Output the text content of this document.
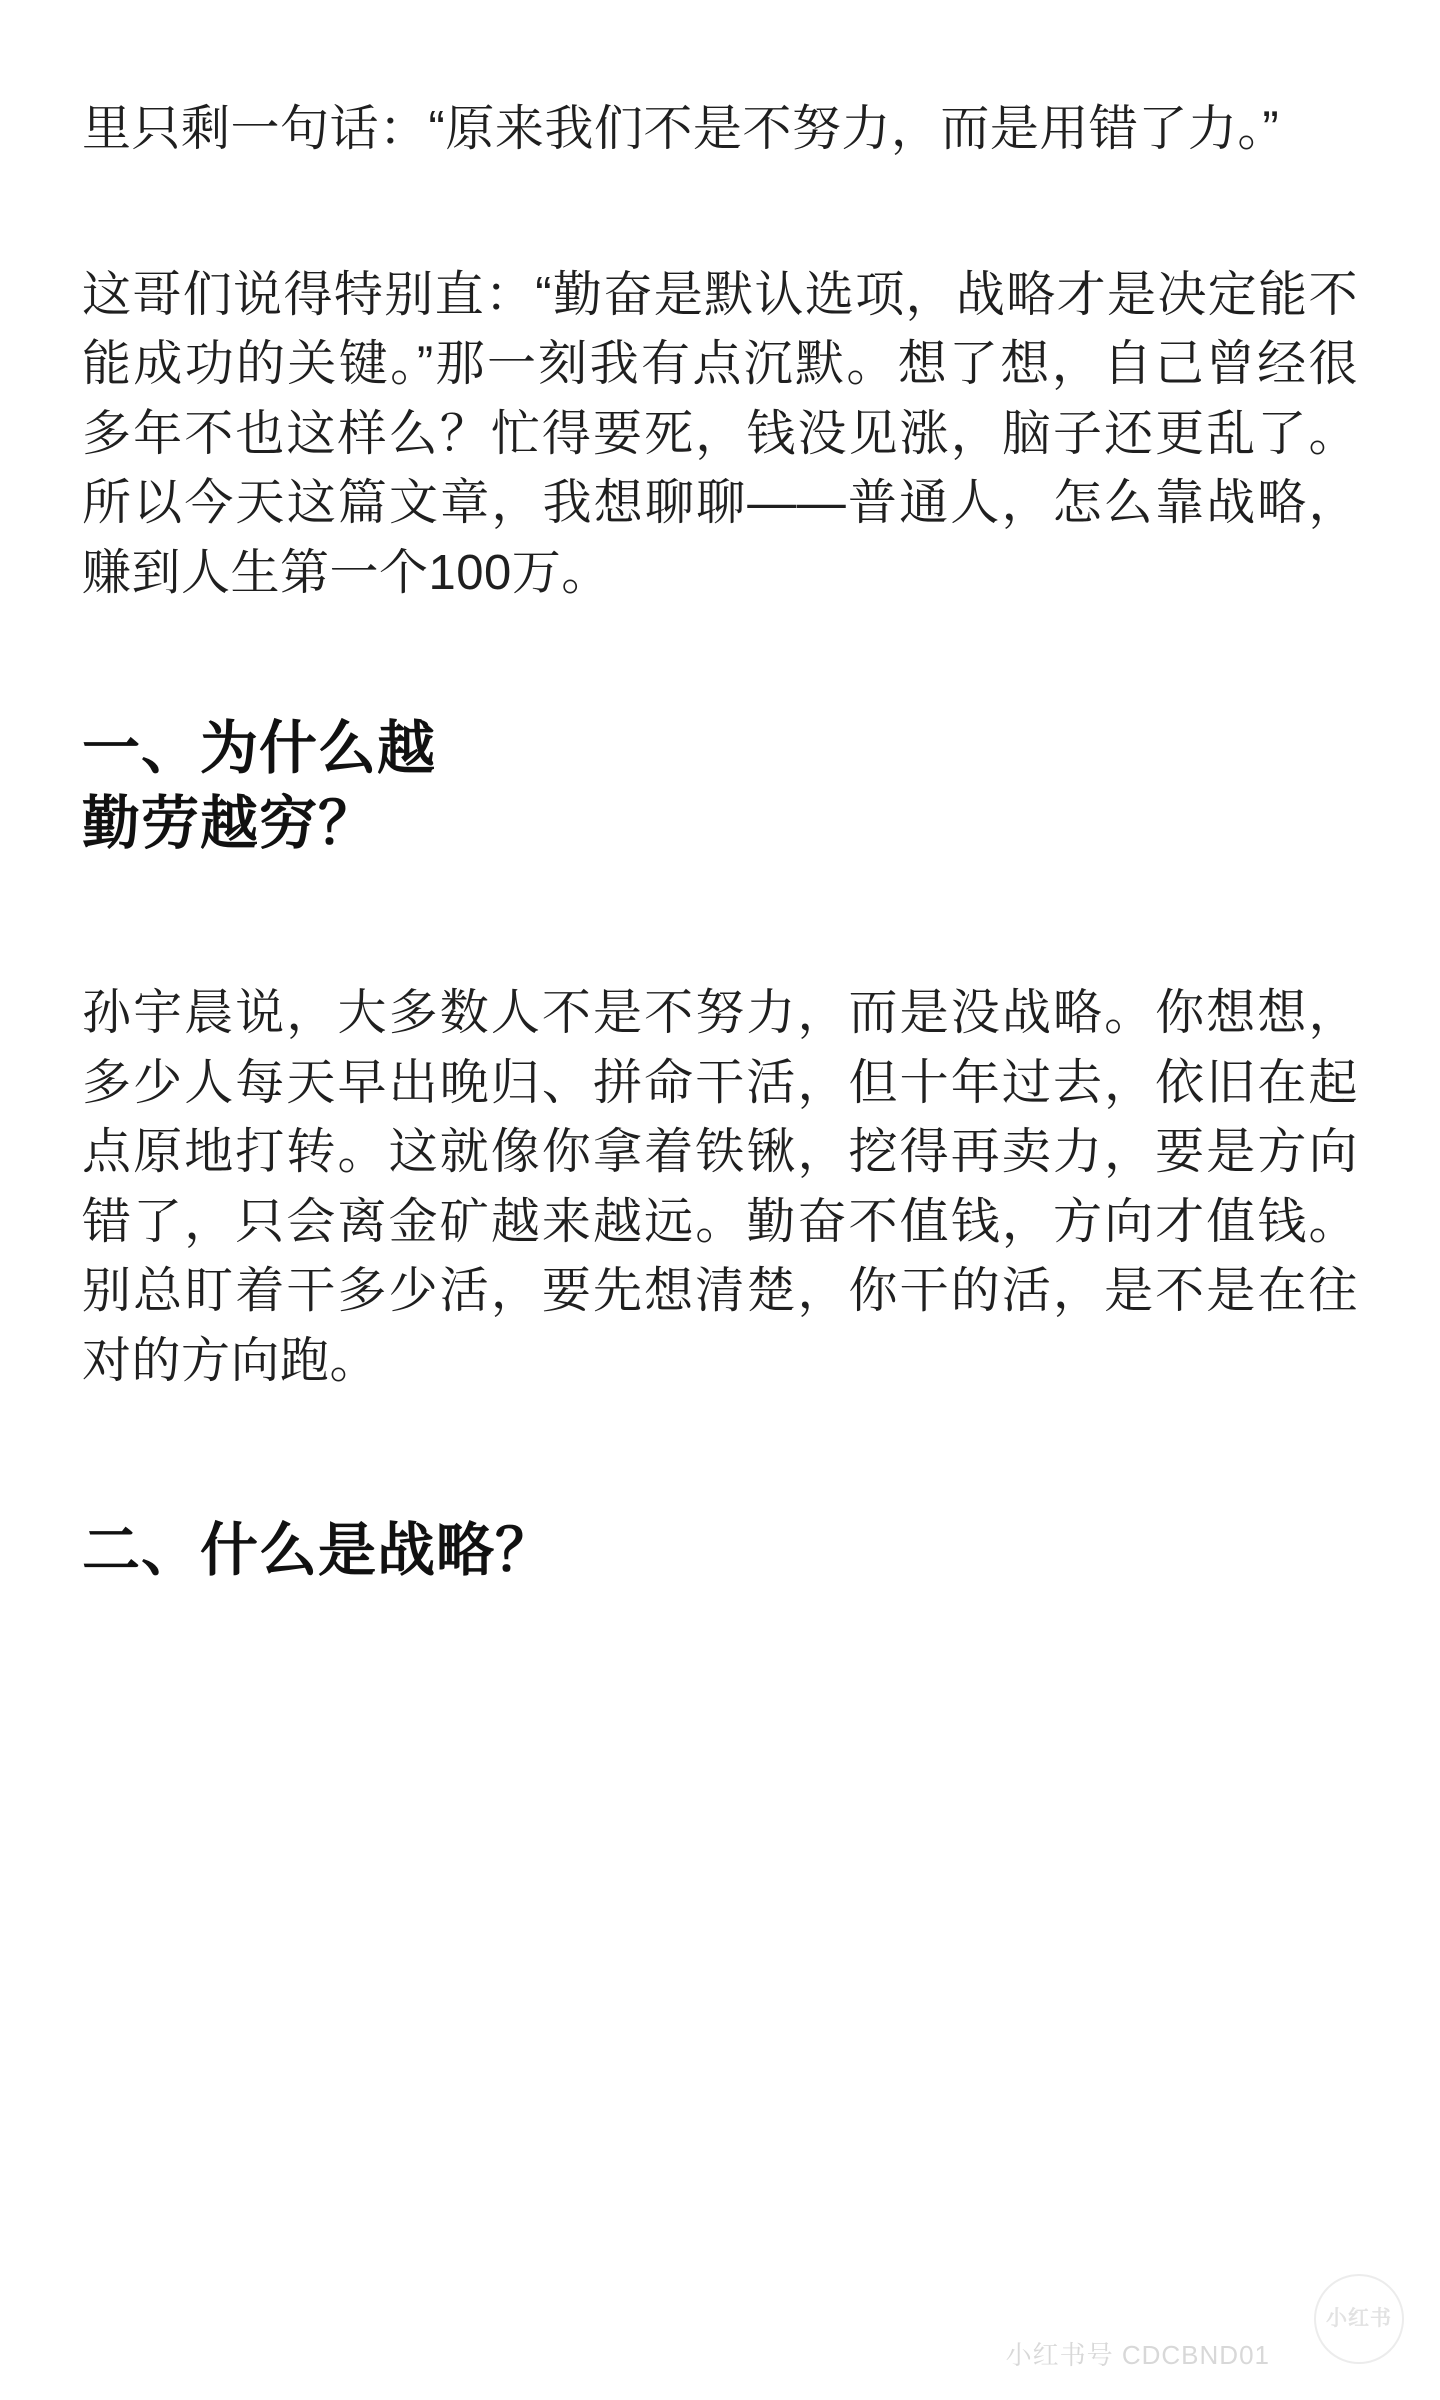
里只剩一句话：“原来我们不是不努力，而是用错了力。”

这哥们说得特别直：“勤奋是默认选项，战略才是决定能不能成功的关键。”那一刻我有点沉默。想了想，自己曾经很多年不也这样么？忙得要死，钱没见涨，脑子还更乱了。所以今天这篇文章，我想聊聊——普通人，怎么靠战略，赚到人生第一个100万。

一、为什么越
勤劳越穷？

孙宇晨说，大多数人不是不努力，而是没战略。你想想，多少人每天早出晚归、拼命干活，但十年过去，依旧在起点原地打转。这就像你拿着铁锹，挖得再卖力，要是方向错了，只会离金矿越来越远。勤奋不值钱，方向才值钱。别总盯着干多少活，要先想清楚，你干的活，是不是在往对的方向跑。

二、什么是战略？
小红书号 CDCBND01
小红书
